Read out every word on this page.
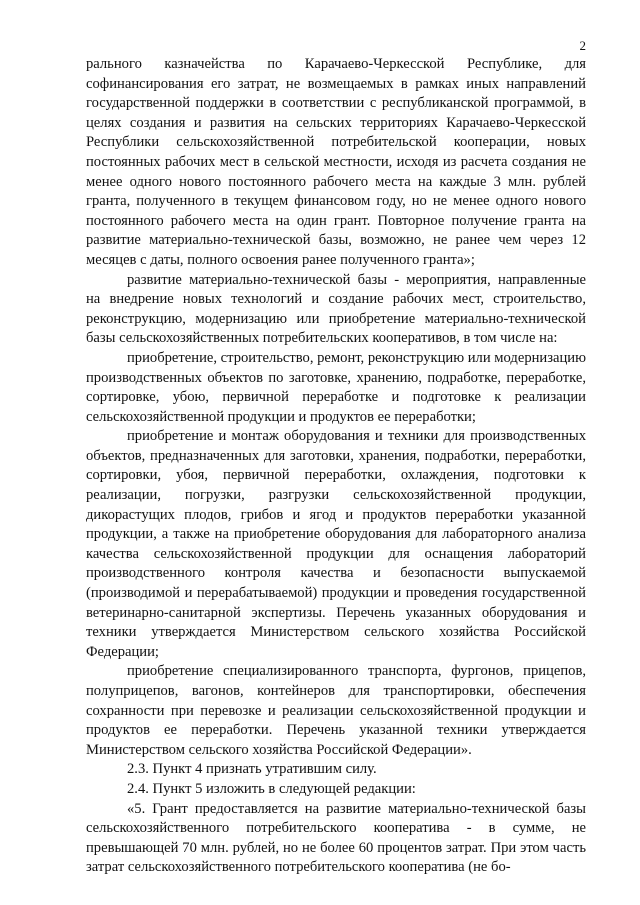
2

рального казначейства по Карачаево-Черкесской Республике, для софинансирования его затрат, не возмещаемых в рамках иных направлений государственной поддержки в соответствии с республиканской программой, в целях создания и развития на сельских территориях Карачаево-Черкесской Республики сельскохозяйственной потребительской кооперации, новых постоянных рабочих мест в сельской местности, исходя из расчета создания не менее одного нового постоянного рабочего места на каждые 3 млн. рублей гранта, полученного в текущем финансовом году, но не менее одного нового постоянного рабочего места на один грант. Повторное получение гранта на развитие материально-технической базы, возможно, не ранее чем через 12 месяцев с даты, полного освоения ранее полученного гранта»;

развитие материально-технической базы - мероприятия, направленные на внедрение новых технологий и создание рабочих мест, строительство, реконструкцию, модернизацию или приобретение материально-технической базы сельскохозяйственных потребительских кооперативов, в том числе на:

приобретение, строительство, ремонт, реконструкцию или модернизацию производственных объектов по заготовке, хранению, подработке, переработке, сортировке, убою, первичной переработке и подготовке к реализации сельскохозяйственной продукции и продуктов ее переработки;

приобретение и монтаж оборудования и техники для производственных объектов, предназначенных для заготовки, хранения, подработки, переработки, сортировки, убоя, первичной переработки, охлаждения, подготовки к реализации, погрузки, разгрузки сельскохозяйственной продукции, дикорастущих плодов, грибов и ягод и продуктов переработки указанной продукции, а также на приобретение оборудования для лабораторного анализа качества сельскохозяйственной продукции для оснащения лабораторий производственного контроля качества и безопасности выпускаемой (производимой и перерабатываемой) продукции и проведения государственной ветеринарно-санитарной экспертизы. Перечень указанных оборудования и техники утверждается Министерством сельского хозяйства Российской Федерации;

приобретение специализированного транспорта, фургонов, прицепов, полуприцепов, вагонов, контейнеров для транспортировки, обеспечения сохранности при перевозке и реализации сельскохозяйственной продукции и продуктов ее переработки. Перечень указанной техники утверждается Министерством сельского хозяйства Российской Федерации».

2.3. Пункт 4 признать утратившим силу.

2.4. Пункт 5 изложить в следующей редакции:

«5. Грант предоставляется на развитие материально-технической базы сельскохозяйственного потребительского кооператива - в сумме, не превышающей 70 млн. рублей, но не более 60 процентов затрат. При этом часть затрат сельскохозяйственного потребительского кооператива (не бо-
